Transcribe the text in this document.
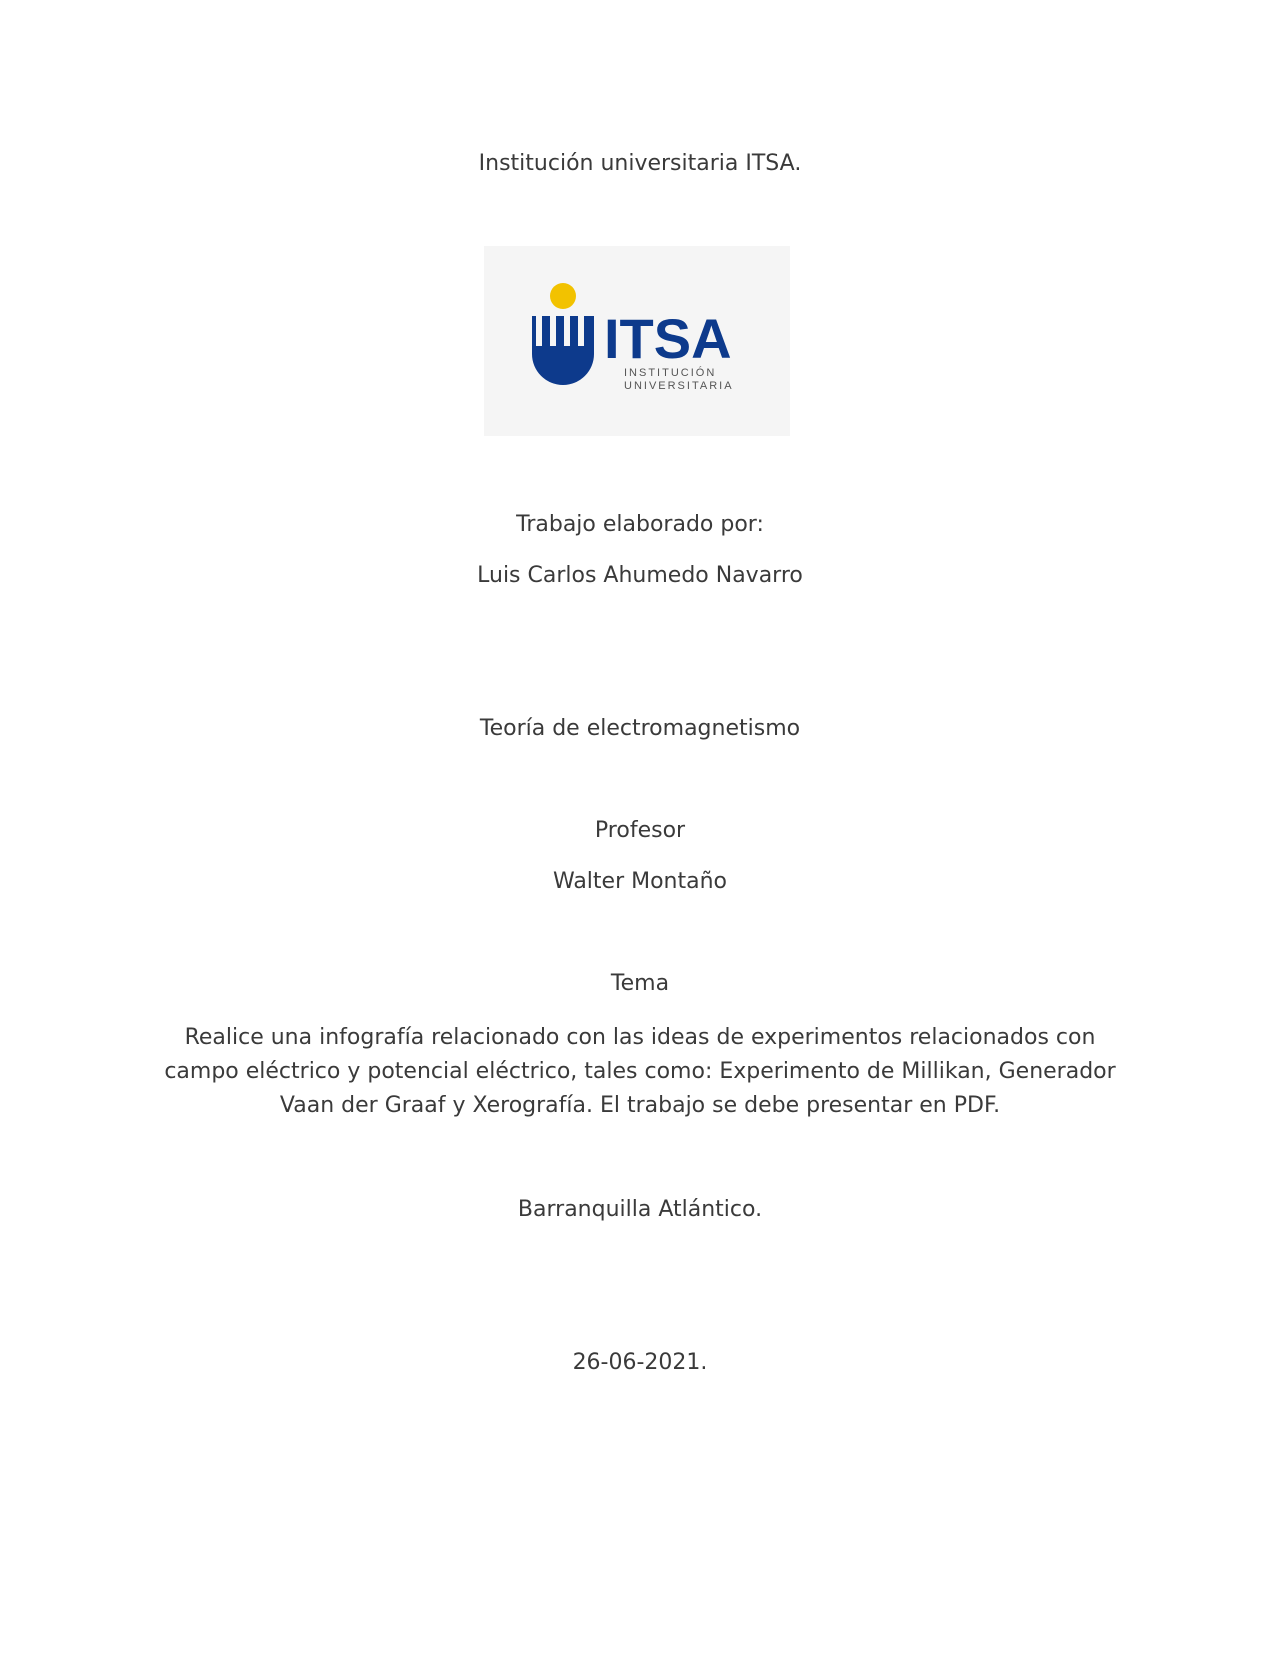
Institución universitaria ITSA.
ITSA
INSTITUCIÓN
UNIVERSITARIA
Trabajo elaborado por:
Luis Carlos Ahumedo Navarro
Teoría de electromagnetismo
Profesor
Walter Montaño
Tema
Realice una infografía relacionado con las ideas de experimentos relacionados con campo eléctrico y potencial eléctrico, tales como: Experimento de Millikan, Generador Vaan der Graaf y Xerografía. El trabajo se debe presentar en PDF.
Barranquilla Atlántico.
26-06-2021.
